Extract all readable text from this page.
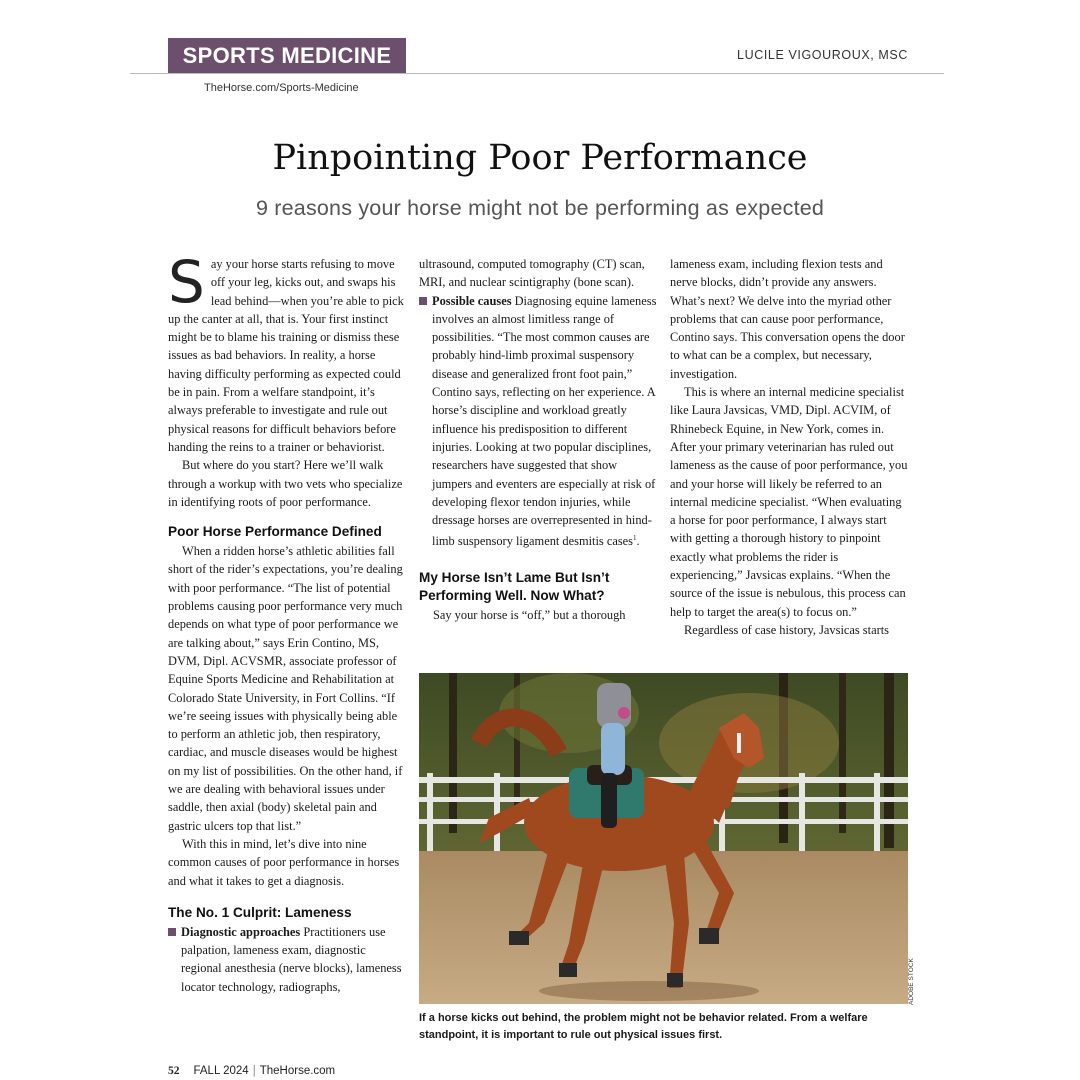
SPORTS MEDICINE	LUCILE VIGOUROUX, MSC
TheHorse.com/Sports-Medicine
Pinpointing Poor Performance
9 reasons your horse might not be performing as expected

Say your horse starts refusing to move off your leg, kicks out, and swaps his lead behind—when you’re able to pick up the canter at all, that is. Your first instinct might be to blame his training or dismiss these issues as bad behaviors. In reality, a horse having difficulty performing as expected could be in pain. From a welfare standpoint, it’s always preferable to investigate and rule out physical reasons for difficult behaviors before handing the reins to a trainer or behaviorist.

But where do you start? Here we’ll walk through a workup with two vets who specialize in identifying roots of poor performance.

Poor Horse Performance Defined

When a ridden horse’s athletic abilities fall short of the rider’s expectations, you’re dealing with poor performance. “The list of potential problems causing poor performance very much depends on what type of poor performance we are talking about,” says Erin Contino, MS, DVM, Dipl. ACVSMR, associate professor of Equine Sports Medicine and Rehabilitation at Colorado State University, in Fort Collins. “If we’re seeing issues with physically being able to perform an athletic job, then respiratory, cardiac, and muscle diseases would be highest on my list of possibilities. On the other hand, if we are dealing with behavioral issues under saddle, then axial (body) skeletal pain and gastric ulcers top that list.”

With this in mind, let’s dive into nine common causes of poor performance in horses and what it takes to get a diagnosis.

The No. 1 Culprit: Lameness

Diagnostic approaches Practitioners use palpation, lameness exam, diagnostic regional anesthesia (nerve blocks), lameness locator technology, radiographs,

ultrasound, computed tomography (CT) scan, MRI, and nuclear scintigraphy (bone scan).

Possible causes Diagnosing equine lameness involves an almost limitless range of possibilities. “The most common causes are probably hind-limb proximal suspensory disease and generalized front foot pain,” Contino says, reflecting on her experience. A horse’s discipline and workload greatly influence his predisposition to different injuries. Looking at two popular disciplines, researchers have suggested that show jumpers and eventers are especially at risk of developing flexor tendon injuries, while dressage horses are overrepresented in hind-limb suspensory ligament desmitis cases$^1$.

My Horse Isn’t Lame But Isn’t Performing Well. Now What?

Say your horse is “off,” but a thorough

lameness exam, including flexion tests and nerve blocks, didn’t provide any answers. What’s next? We delve into the myriad other problems that can cause poor performance, Contino says. This conversation opens the door to what can be a complex, but necessary, investigation.

This is where an internal medicine specialist like Laura Javsicas, VMD, Dipl. ACVIM, of Rhinebeck Equine, in New York, comes in. After your primary veterinarian has ruled out lameness as the cause of poor performance, you and your horse will likely be referred to an internal medicine specialist. “When evaluating a horse for poor performance, I always start with getting a thorough history to pinpoint exactly what problems the rider is experiencing,” Javsicas explains. “When the source of the issue is nebulous, this process can help to target the area(s) to focus on.”

Regardless of case history, Javsicas starts

ADOBE STOCK
If a horse kicks out behind, the problem might not be behavior related. From a welfare standpoint, it is important to rule out physical issues first.
52 FALL 2024 | TheHorse.com
